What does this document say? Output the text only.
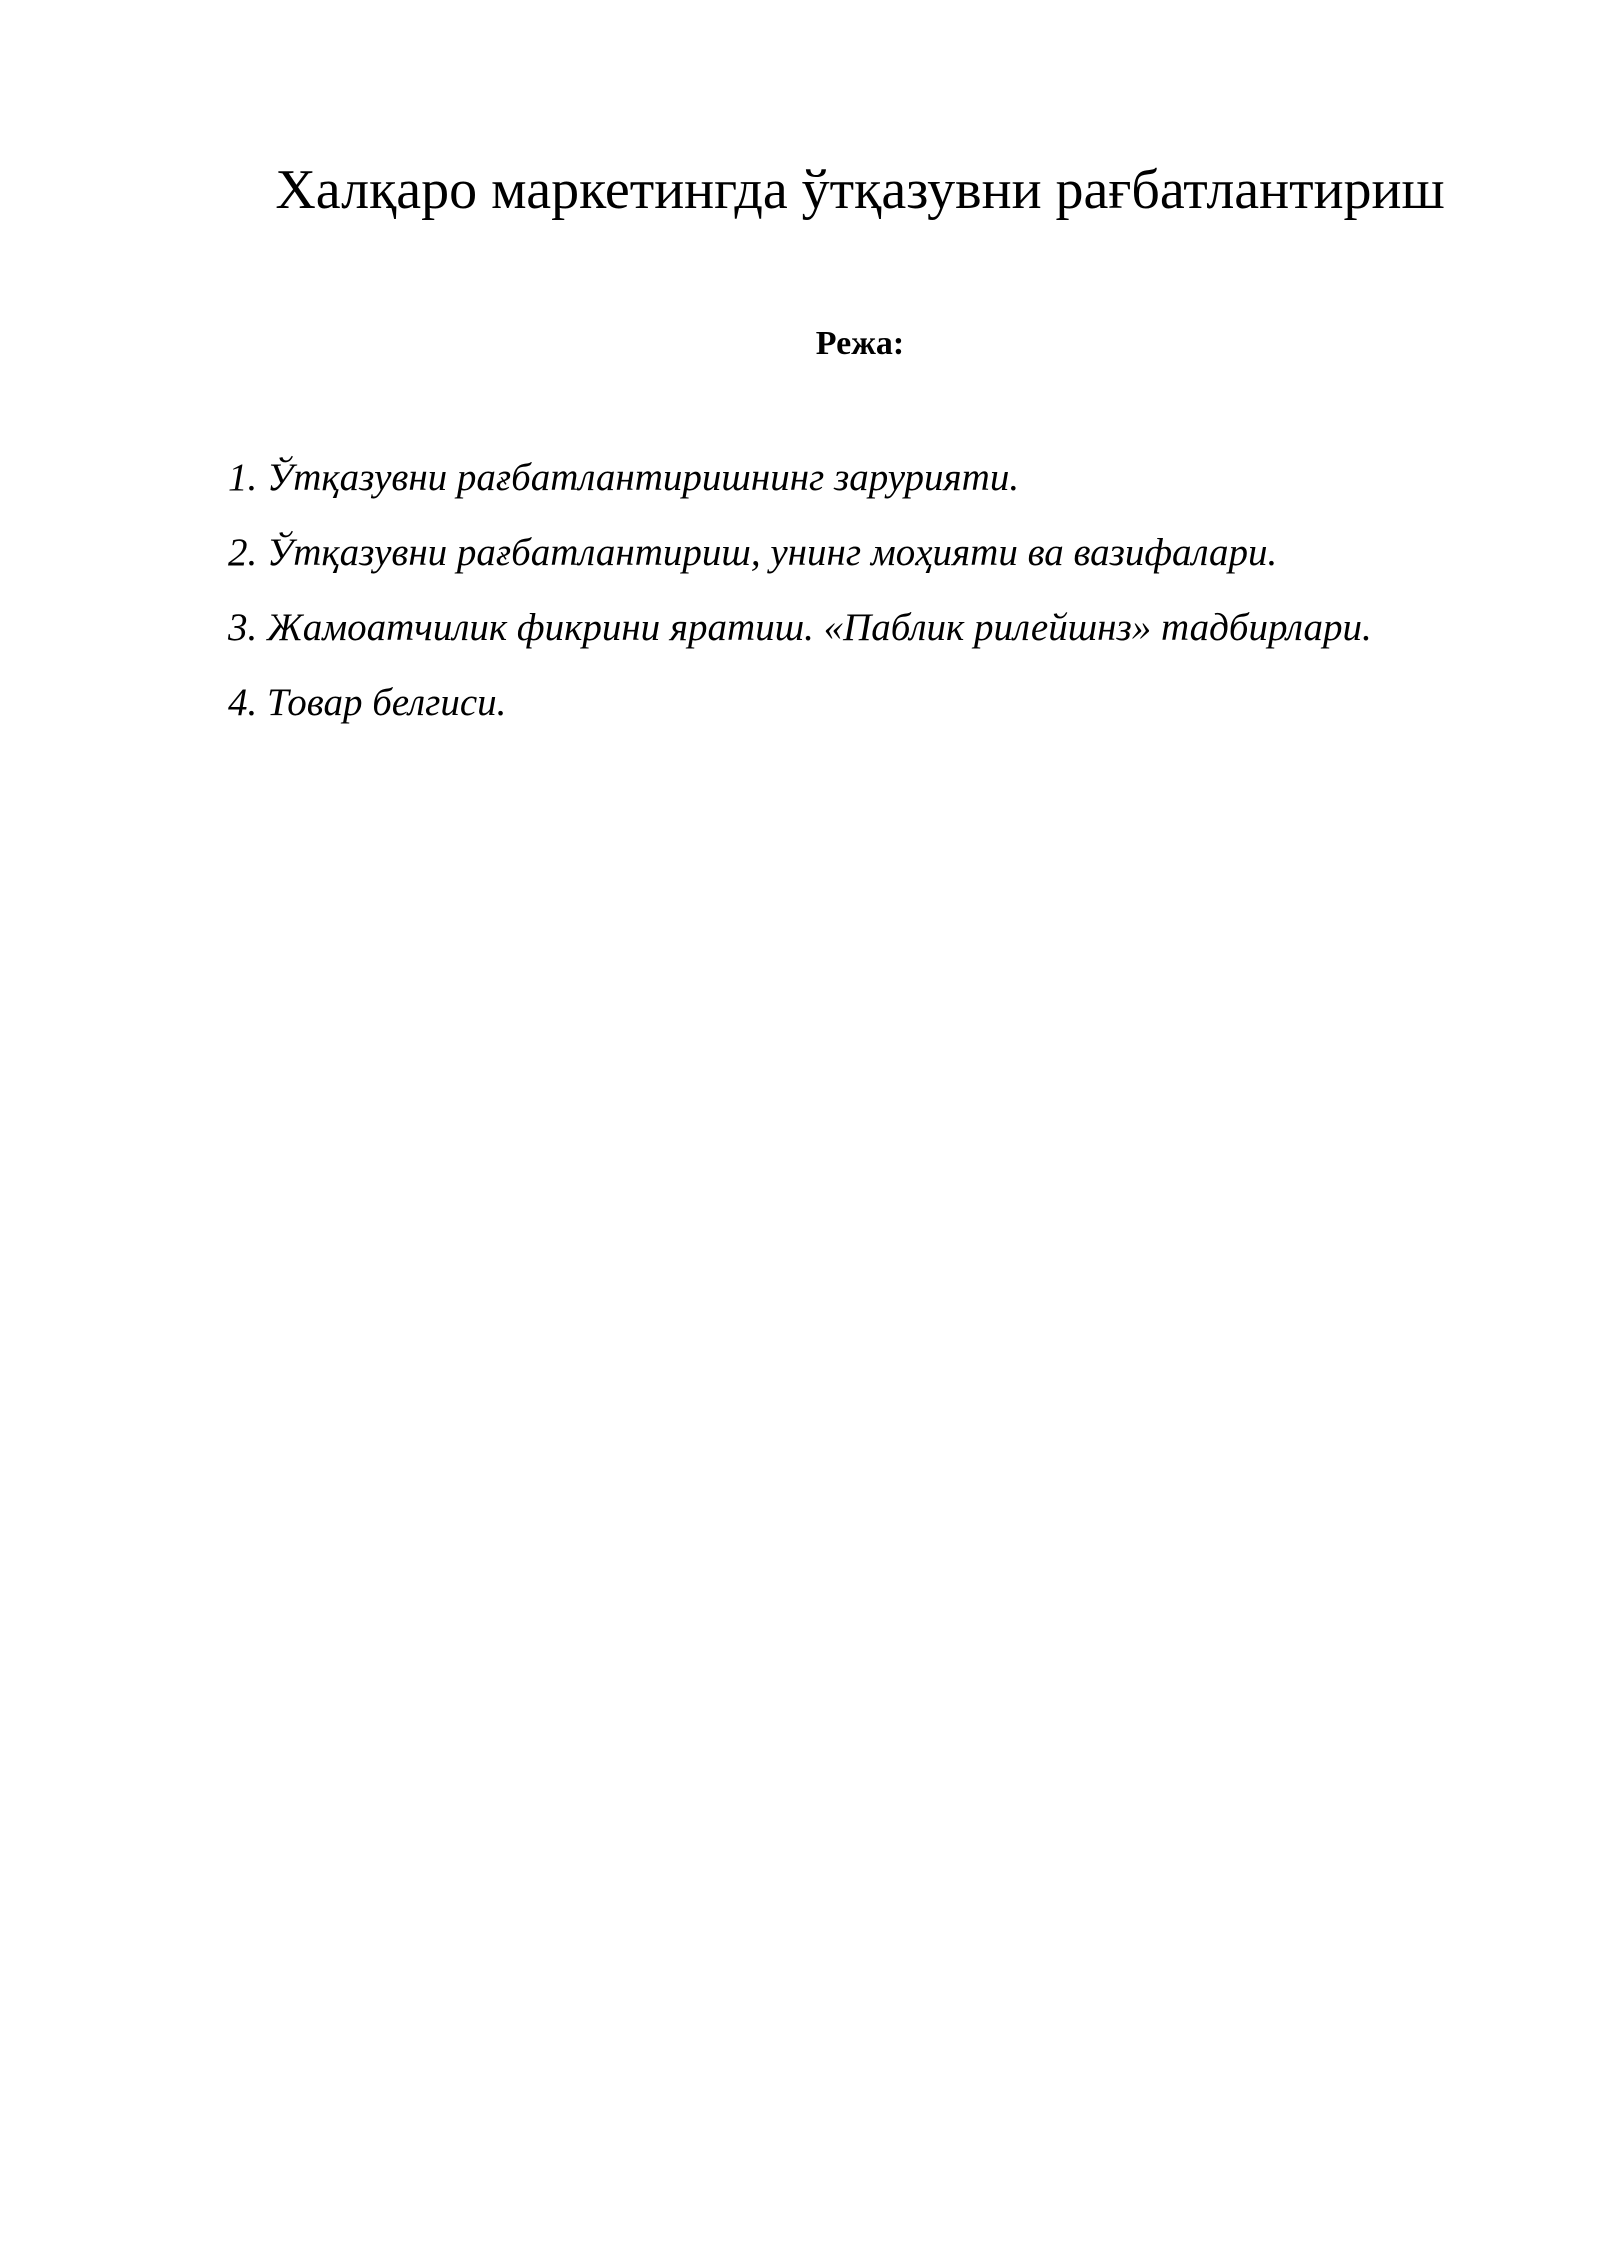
Халқаро маркетингда ўтқазувни рағбатлантириш
Режа:
1. Ўтқазувни рағбатлантиришнинг зарурияти.
2. Ўтқазувни рағбатлантириш, унинг моҳияти ва вазифалари.
3. Жамоатчилик фикрини яратиш. «Паблик рилейшнз» тадбирлари.
4. Товар белгиси.
